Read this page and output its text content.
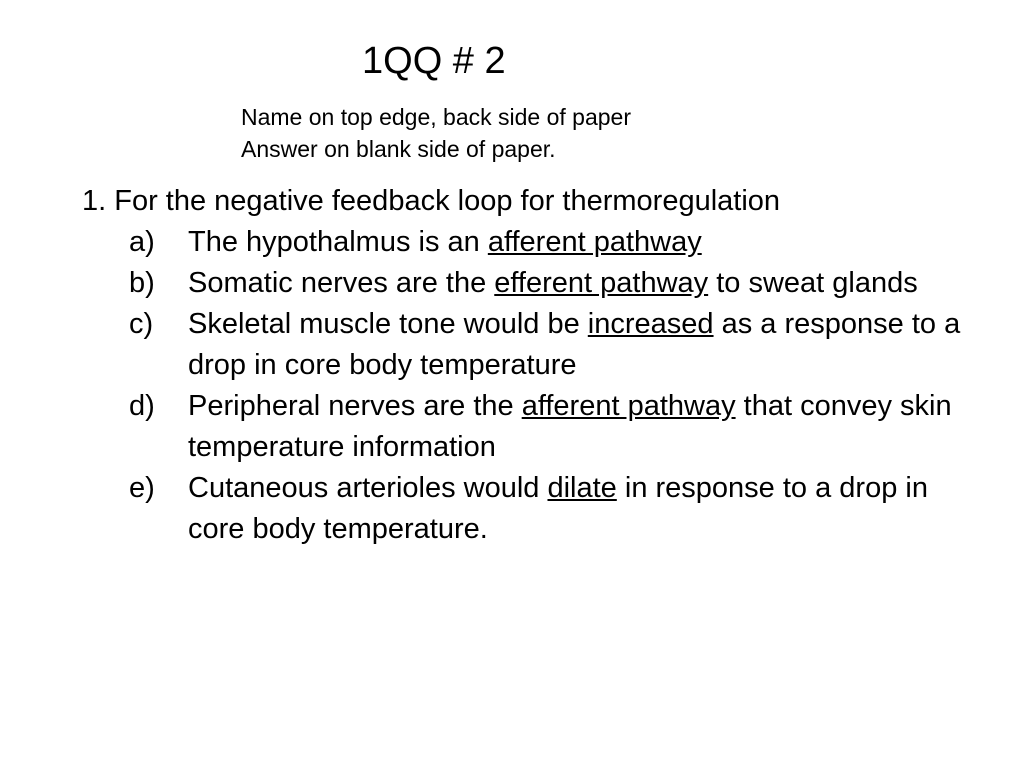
1QQ # 2
Name on top edge, back side of paper
Answer on blank side of paper.
1. For the negative feedback loop for thermoregulation
a) The hypothalmus is an afferent pathway
b) Somatic nerves are the efferent pathway to sweat glands
c) Skeletal muscle tone would be increased as a response to a drop in core body temperature
d) Peripheral nerves are the afferent pathway that convey skin temperature information
e) Cutaneous arterioles would dilate in response to a drop in core body temperature.
